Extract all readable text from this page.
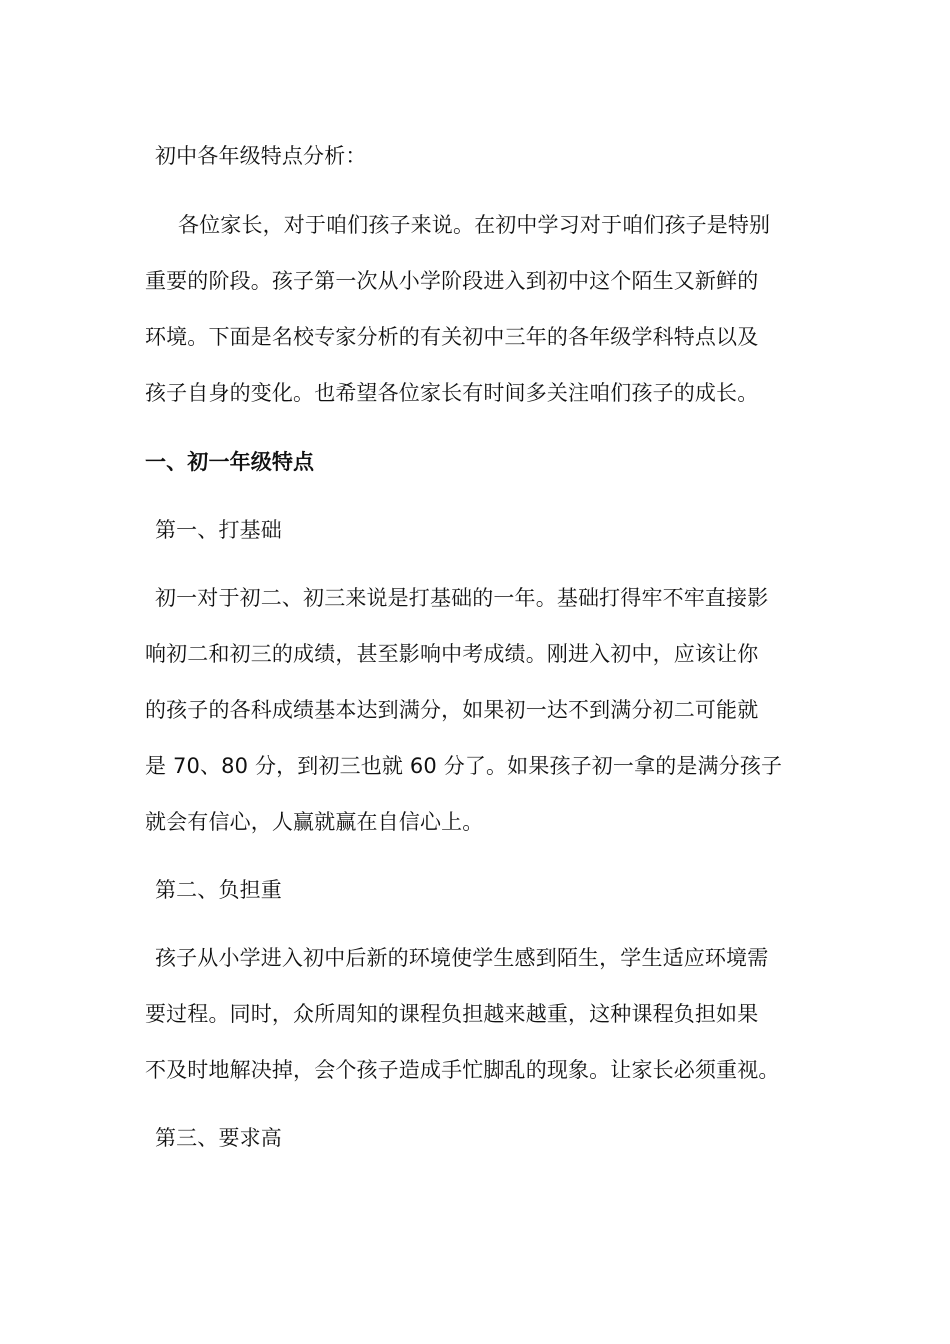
初中各年级特点分析：
各位家长，对于咱们孩子来说。在初中学习对于咱们孩子是特别
重要的阶段。孩子第一次从小学阶段进入到初中这个陌生又新鲜的
环境。下面是名校专家分析的有关初中三年的各年级学科特点以及
孩子自身的变化。也希望各位家长有时间多关注咱们孩子的成长。
一、初一年级特点
第一、打基础
初一对于初二、初三来说是打基础的一年。基础打得牢不牢直接影
响初二和初三的成绩，甚至影响中考成绩。刚进入初中，应该让你
的孩子的各科成绩基本达到满分，如果初一达不到满分初二可能就
是 70、80 分，到初三也就 60 分了。如果孩子初一拿的是满分孩子
就会有信心，人赢就赢在自信心上。
第二、负担重
孩子从小学进入初中后新的环境使学生感到陌生，学生适应环境需
要过程。同时，众所周知的课程负担越来越重，这种课程负担如果
不及时地解决掉，会个孩子造成手忙脚乱的现象。让家长必须重视。
第三、要求高
